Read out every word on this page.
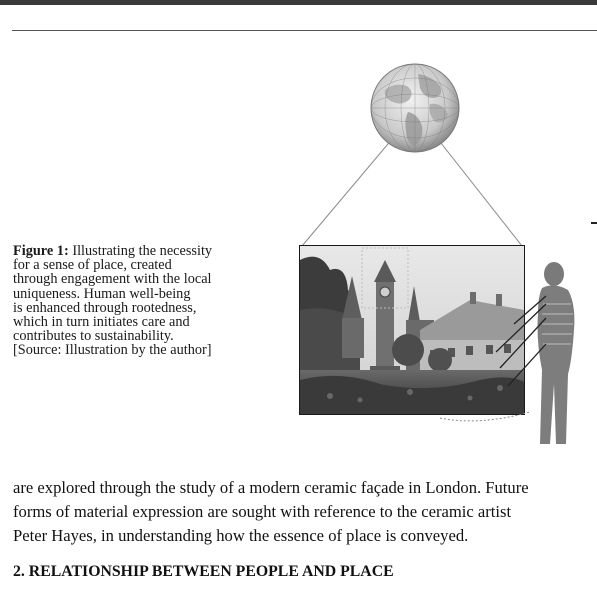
Figure 1: Illustrating the necessity
for a sense of place, created
through engagement with the local
uniqueness. Human well-being
is enhanced through rootedness,
which in turn initiates care and
contributes to sustainability.
[Source: Illustration by the author]
are explored through the study of a modern ceramic façade in London. Future
forms of material expression are sought with reference to the ceramic artist
Peter Hayes, in understanding how the essence of place is conveyed.
2. RELATIONSHIP BETWEEN PEOPLE AND PLACE
